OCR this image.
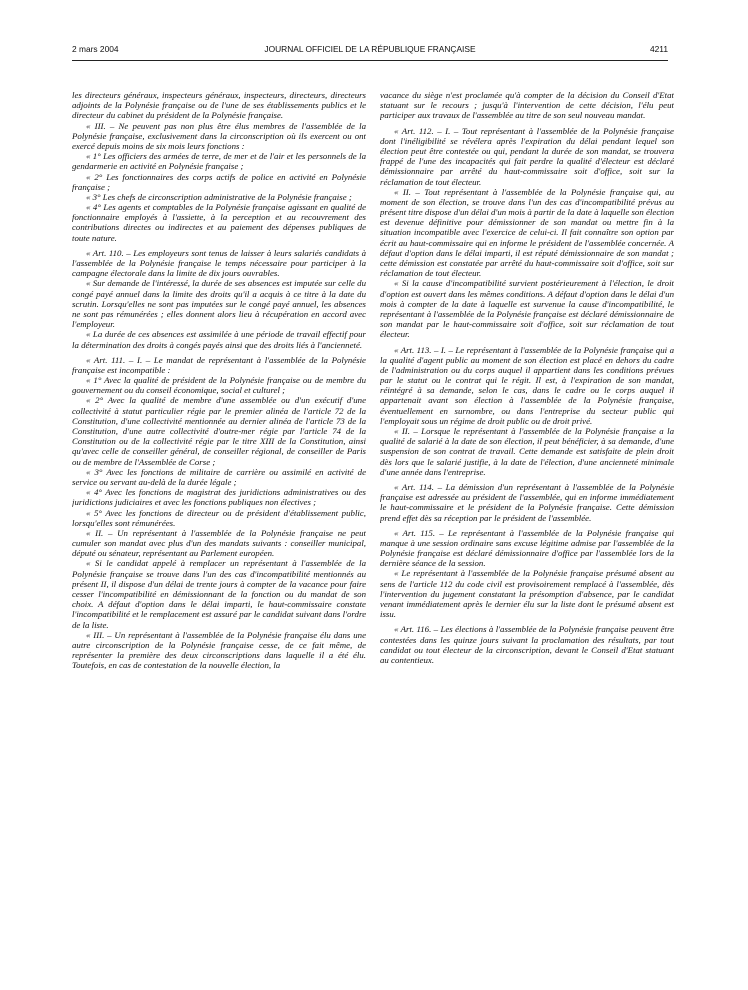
2 mars 2004	JOURNAL OFFICIEL DE LA RÉPUBLIQUE FRANÇAISE	4211

les directeurs généraux, inspecteurs généraux, inspecteurs, directeurs, directeurs adjoints de la Polynésie française ou de l'une de ses établissements publics et le directeur du cabinet du président de la Polynésie française.

« III. – Ne peuvent pas non plus être élus membres de l'assemblée de la Polynésie française, exclusivement dans la circonscription où ils exercent ou ont exercé depuis moins de six mois leurs fonctions :

« 1° Les officiers des armées de terre, de mer et de l'air et les personnels de la gendarmerie en activité en Polynésie française ;

« 2° Les fonctionnaires des corps actifs de police en activité en Polynésie française ;

« 3° Les chefs de circonscription administrative de la Polynésie française ;

« 4° Les agents et comptables de la Polynésie française agissant en qualité de fonctionnaire employés à l'assiette, à la perception et au recouvrement des contributions directes ou indirectes et au paiement des dépenses publiques de toute nature.

« Art. 110. – Les employeurs sont tenus de laisser à leurs salariés candidats à l'assemblée de la Polynésie française le temps nécessaire pour participer à la campagne électorale dans la limite de dix jours ouvrables.

« Sur demande de l'intéressé, la durée de ses absences est imputée sur celle du congé payé annuel dans la limite des droits qu'il a acquis à ce titre à la date du scrutin. Lorsqu'elles ne sont pas imputées sur le congé payé annuel, les absences ne sont pas rémunérées ; elles donnent alors lieu à récupération en accord avec l'employeur.

« La durée de ces absences est assimilée à une période de travail effectif pour la détermination des droits à congés payés ainsi que des droits liés à l'ancienneté.

« Art. 111. – I. – Le mandat de représentant à l'assemblée de la Polynésie française est incompatible :

« 1° Avec la qualité de président de la Polynésie française ou de membre du gouvernement ou du conseil économique, social et culturel ;

« 2° Avec la qualité de membre d'une assemblée ou d'un exécutif d'une collectivité à statut particulier régie par le premier alinéa de l'article 72 de la Constitution, d'une collectivité mentionnée au dernier alinéa de l'article 73 de la Constitution, d'une autre collectivité d'outre-mer régie par l'article 74 de la Constitution ou de la collectivité régie par le titre XIII de la Constitution, ainsi qu'avec celle de conseiller général, de conseiller régional, de conseiller de Paris ou de membre de l'Assemblée de Corse ;

« 3° Avec les fonctions de militaire de carrière ou assimilé en activité de service ou servant au-delà de la durée légale ;

« 4° Avec les fonctions de magistrat des juridictions administratives ou des juridictions judiciaires et avec les fonctions publiques non électives ;

« 5° Avec les fonctions de directeur ou de président d'établissement public, lorsqu'elles sont rémunérées.

« II. – Un représentant à l'assemblée de la Polynésie française ne peut cumuler son mandat avec plus d'un des mandats suivants : conseiller municipal, député ou sénateur, représentant au Parlement européen.

« Si le candidat appelé à remplacer un représentant à l'assemblée de la Polynésie française se trouve dans l'un des cas d'incompatibilité mentionnés au présent II, il dispose d'un délai de trente jours à compter de la vacance pour faire cesser l'incompatibilité en démissionnant de la fonction ou du mandat de son choix. A défaut d'option dans le délai imparti, le haut-commissaire constate l'incompatibilité et le remplacement est assuré par le candidat suivant dans l'ordre de la liste.

« III. – Un représentant à l'assemblée de la Polynésie française élu dans une autre circonscription de la Polynésie française cesse, de ce fait même, de représenter la première des deux circonscriptions dans laquelle il a été élu. Toutefois, en cas de contestation de la nouvelle élection, la

vacance du siège n'est proclamée qu'à compter de la décision du Conseil d'Etat statuant sur le recours ; jusqu'à l'intervention de cette décision, l'élu peut participer aux travaux de l'assemblée au titre de son seul nouveau mandat.

« Art. 112. – I. – Tout représentant à l'assemblée de la Polynésie française dont l'inéligibilité se révélera après l'expiration du délai pendant lequel son élection peut être contestée ou qui, pendant la durée de son mandat, se trouvera frappé de l'une des incapacités qui fait perdre la qualité d'électeur est déclaré démissionnaire par arrêté du haut-commissaire soit d'office, soit sur la réclamation de tout électeur.

« II. – Tout représentant à l'assemblée de la Polynésie française qui, au moment de son élection, se trouve dans l'un des cas d'incompatibilité prévus au présent titre dispose d'un délai d'un mois à partir de la date à laquelle son élection est devenue définitive pour démissionner de son mandat ou mettre fin à la situation incompatible avec l'exercice de celui-ci. Il fait connaître son option par écrit au haut-commissaire qui en informe le président de l'assemblée concernée. A défaut d'option dans le délai imparti, il est réputé démissionnaire de son mandat ; cette démission est constatée par arrêté du haut-commissaire soit d'office, soit sur réclamation de tout électeur.

« Si la cause d'incompatibilité survient postérieurement à l'élection, le droit d'option est ouvert dans les mêmes conditions. A défaut d'option dans le délai d'un mois à compter de la date à laquelle est survenue la cause d'incompatibilité, le représentant à l'assemblée de la Polynésie française est déclaré démissionnaire de son mandat par le haut-commissaire soit d'office, soit sur réclamation de tout électeur.

« Art. 113. – I. – Le représentant à l'assemblée de la Polynésie française qui a la qualité d'agent public au moment de son élection est placé en dehors du cadre de l'administration ou du corps auquel il appartient dans les conditions prévues par le statut ou le contrat qui le régit. Il est, à l'expiration de son mandat, réintégré à sa demande, selon le cas, dans le cadre ou le corps auquel il appartenait avant son élection à l'assemblée de la Polynésie française, éventuellement en surnombre, ou dans l'entreprise du secteur public qui l'employait sous un régime de droit public ou de droit privé.

« II. – Lorsque le représentant à l'assemblée de la Polynésie française a la qualité de salarié à la date de son élection, il peut bénéficier, à sa demande, d'une suspension de son contrat de travail. Cette demande est satisfaite de plein droit dès lors que le salarié justifie, à la date de l'élection, d'une ancienneté minimale d'une année dans l'entreprise.

« Art. 114. – La démission d'un représentant à l'assemblée de la Polynésie française est adressée au président de l'assemblée, qui en informe immédiatement le haut-commissaire et le président de la Polynésie française. Cette démission prend effet dès sa réception par le président de l'assemblée.

« Art. 115. – Le représentant à l'assemblée de la Polynésie française qui manque à une session ordinaire sans excuse légitime admise par l'assemblée de la Polynésie française est déclaré démissionnaire d'office par l'assemblée lors de la dernière séance de la session.

« Le représentant à l'assemblée de la Polynésie française présumé absent au sens de l'article 112 du code civil est provisoirement remplacé à l'assemblée, dès l'intervention du jugement constatant la présomption d'absence, par le candidat venant immédiatement après le dernier élu sur la liste dont le présumé absent est issu.

« Art. 116. – Les élections à l'assemblée de la Polynésie française peuvent être contestées dans les quinze jours suivant la proclamation des résultats, par tout candidat ou tout électeur de la circonscription, devant le Conseil d'Etat statuant au contentieux.
